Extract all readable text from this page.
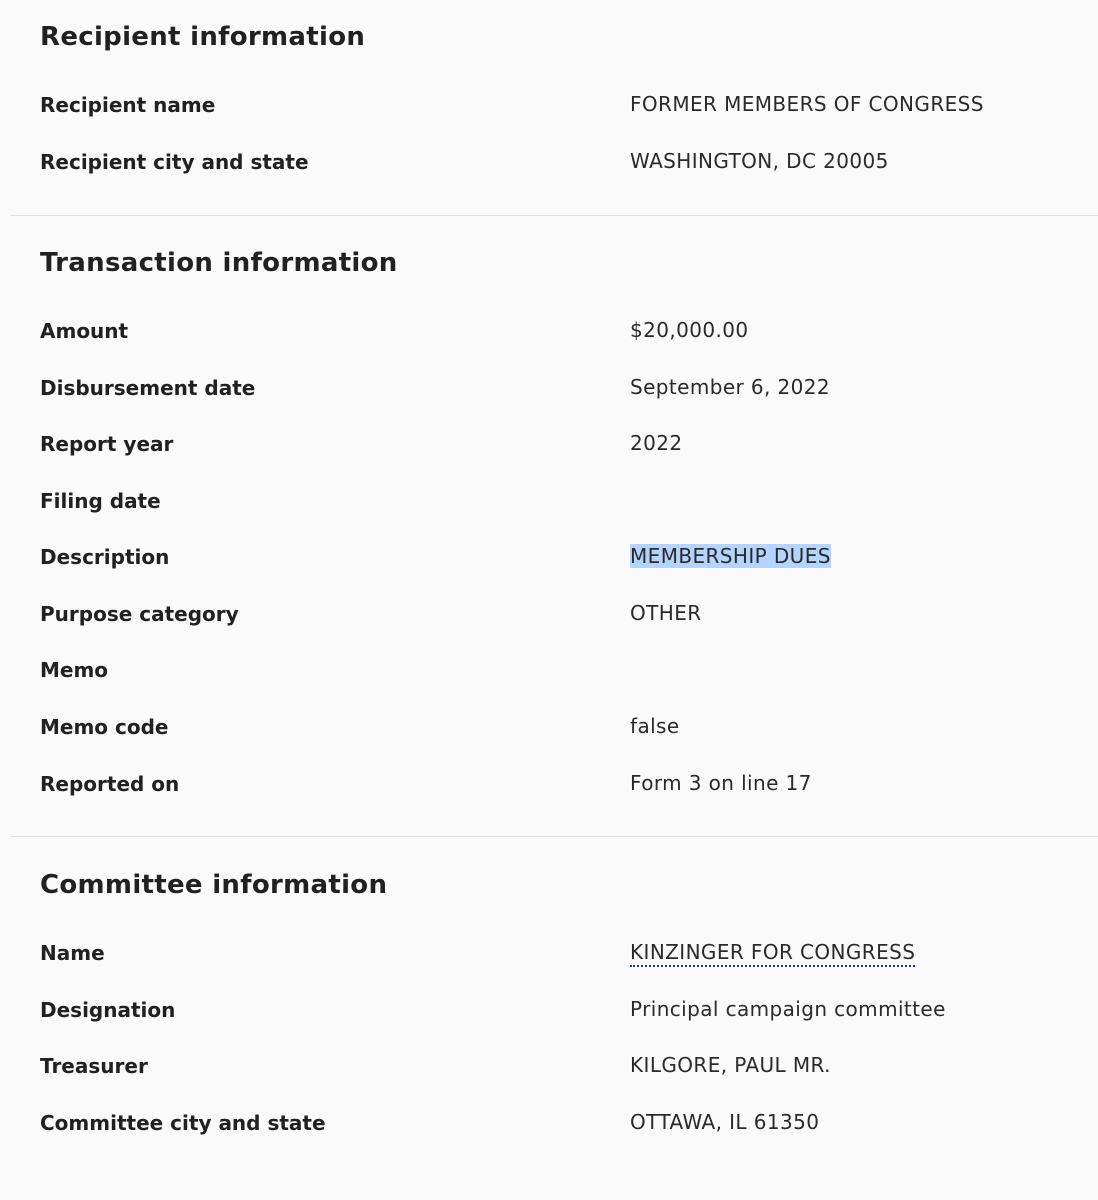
Recipient information
Recipient name	FORMER MEMBERS OF CONGRESS
Recipient city and state	WASHINGTON, DC 20005
Transaction information
Amount	$20,000.00
Disbursement date	September 6, 2022
Report year	2022
Filing date
Description	MEMBERSHIP DUES
Purpose category	OTHER
Memo
Memo code	false
Reported on	Form 3 on line 17
Committee information
Name	KINZINGER FOR CONGRESS
Designation	Principal campaign committee
Treasurer	KILGORE, PAUL MR.
Committee city and state	OTTAWA, IL 61350
